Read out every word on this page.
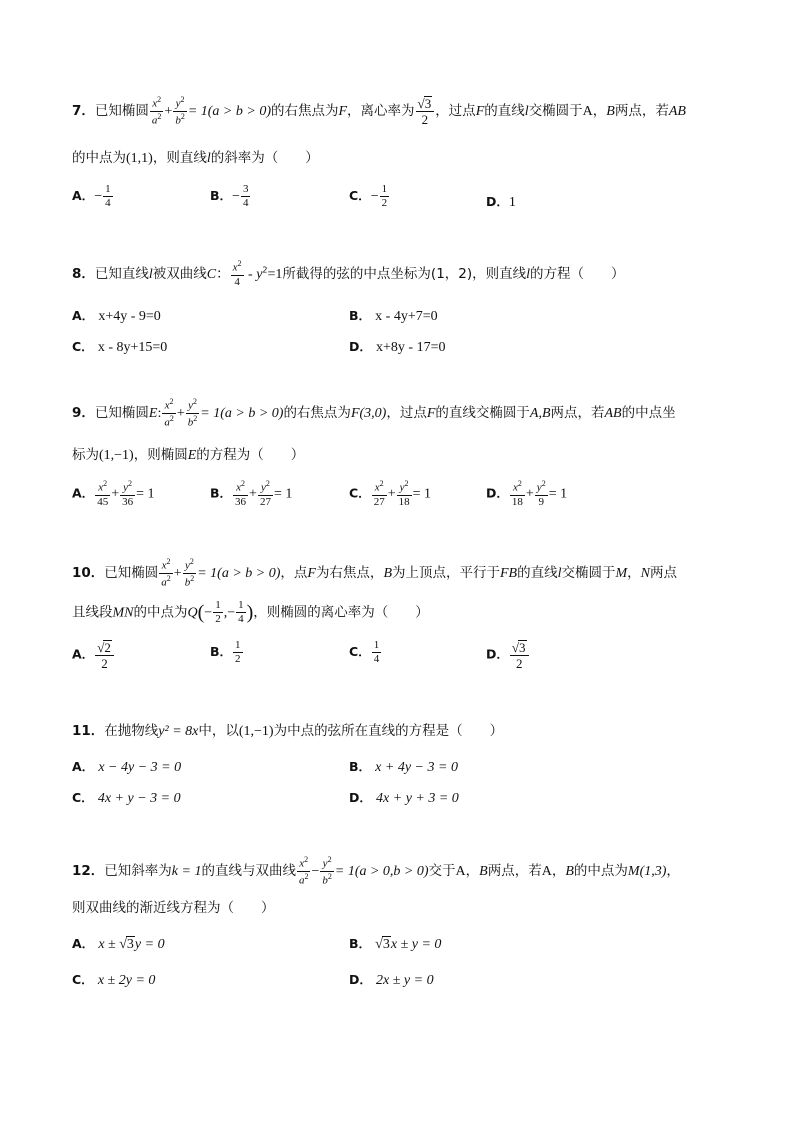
7．已知椭圆 $\frac{x^2}{a^2} + \frac{y^2}{b^2} = 1(a > b > 0)$的右焦点为F，离心率为 $\frac{√3}{2}$ ，过点F的直线l交椭圆于A，B两点，若AB
的中点为(1,1)，则直线l的斜率为（　　）
A．− $\frac{1}{4}$	B．− $\frac{3}{4}$	C．− $\frac{1}{2}$	D．1
8．已知直线l被双曲线C： $\frac{x^2}{4} - y^2=1$所截得的弦的中点坐标为(1，2)，则直线l的方程（　　）
A． x+4y - 9=0	B． x - 4y+7=0
C． x - 8y+15=0	D． x+8y - 17=0
9．已知椭圆E: $\frac{x^2}{a^2} + \frac{y^2}{b^2} = 1(a > b > 0)$的右焦点为F(3,0)，过点F的直线交椭圆于A,B两点，若AB的中点坐
标为(1,−1)，则椭圆E的方程为（　　）
A． $\frac{x^2}{45} + \frac{y^2}{36} = 1$	B． $\frac{x^2}{36} + \frac{y^2}{27} = 1$	C． $\frac{x^2}{27} + \frac{y^2}{18} = 1$	D． $\frac{x^2}{18} + \frac{y^2}{9} = 1$
10．已知椭圆 $\frac{x^2}{a^2} + \frac{y^2}{b^2} = 1(a > b > 0)$，点F为右焦点，B为上顶点，平行于FB的直线l交椭圆于M，N两点
且线段MN的中点为$Q(- \frac{1}{2}$ ,− $\frac{1}{4}$ )，则椭圆的离心率为（　　）
A． $\frac{√2}{2}$	B． $\frac{1}{2}$	C． $\frac{1}{4}$	D． $\frac{√3}{2}$
11．在抛物线y² = 8x中，以(1,−1)为中点的弦所在直线的方程是（　　）
A． x − 4y − 3 = 0	B． x + 4y − 3 = 0
C． 4x + y − 3 = 0	D． 4x + y + 3 = 0
12．已知斜率为k = 1的直线与双曲线 $\frac{x^2}{a^2} - \frac{y^2}{b^2} = 1(a > 0,b > 0)$交于A，B两点，若A，B的中点为M(1,3)，
则双曲线的渐近线方程为（　　）
A． x ± √3y = 0	B． √3x ± y = 0
C． x ± 2y = 0	D． 2x ± y = 0
